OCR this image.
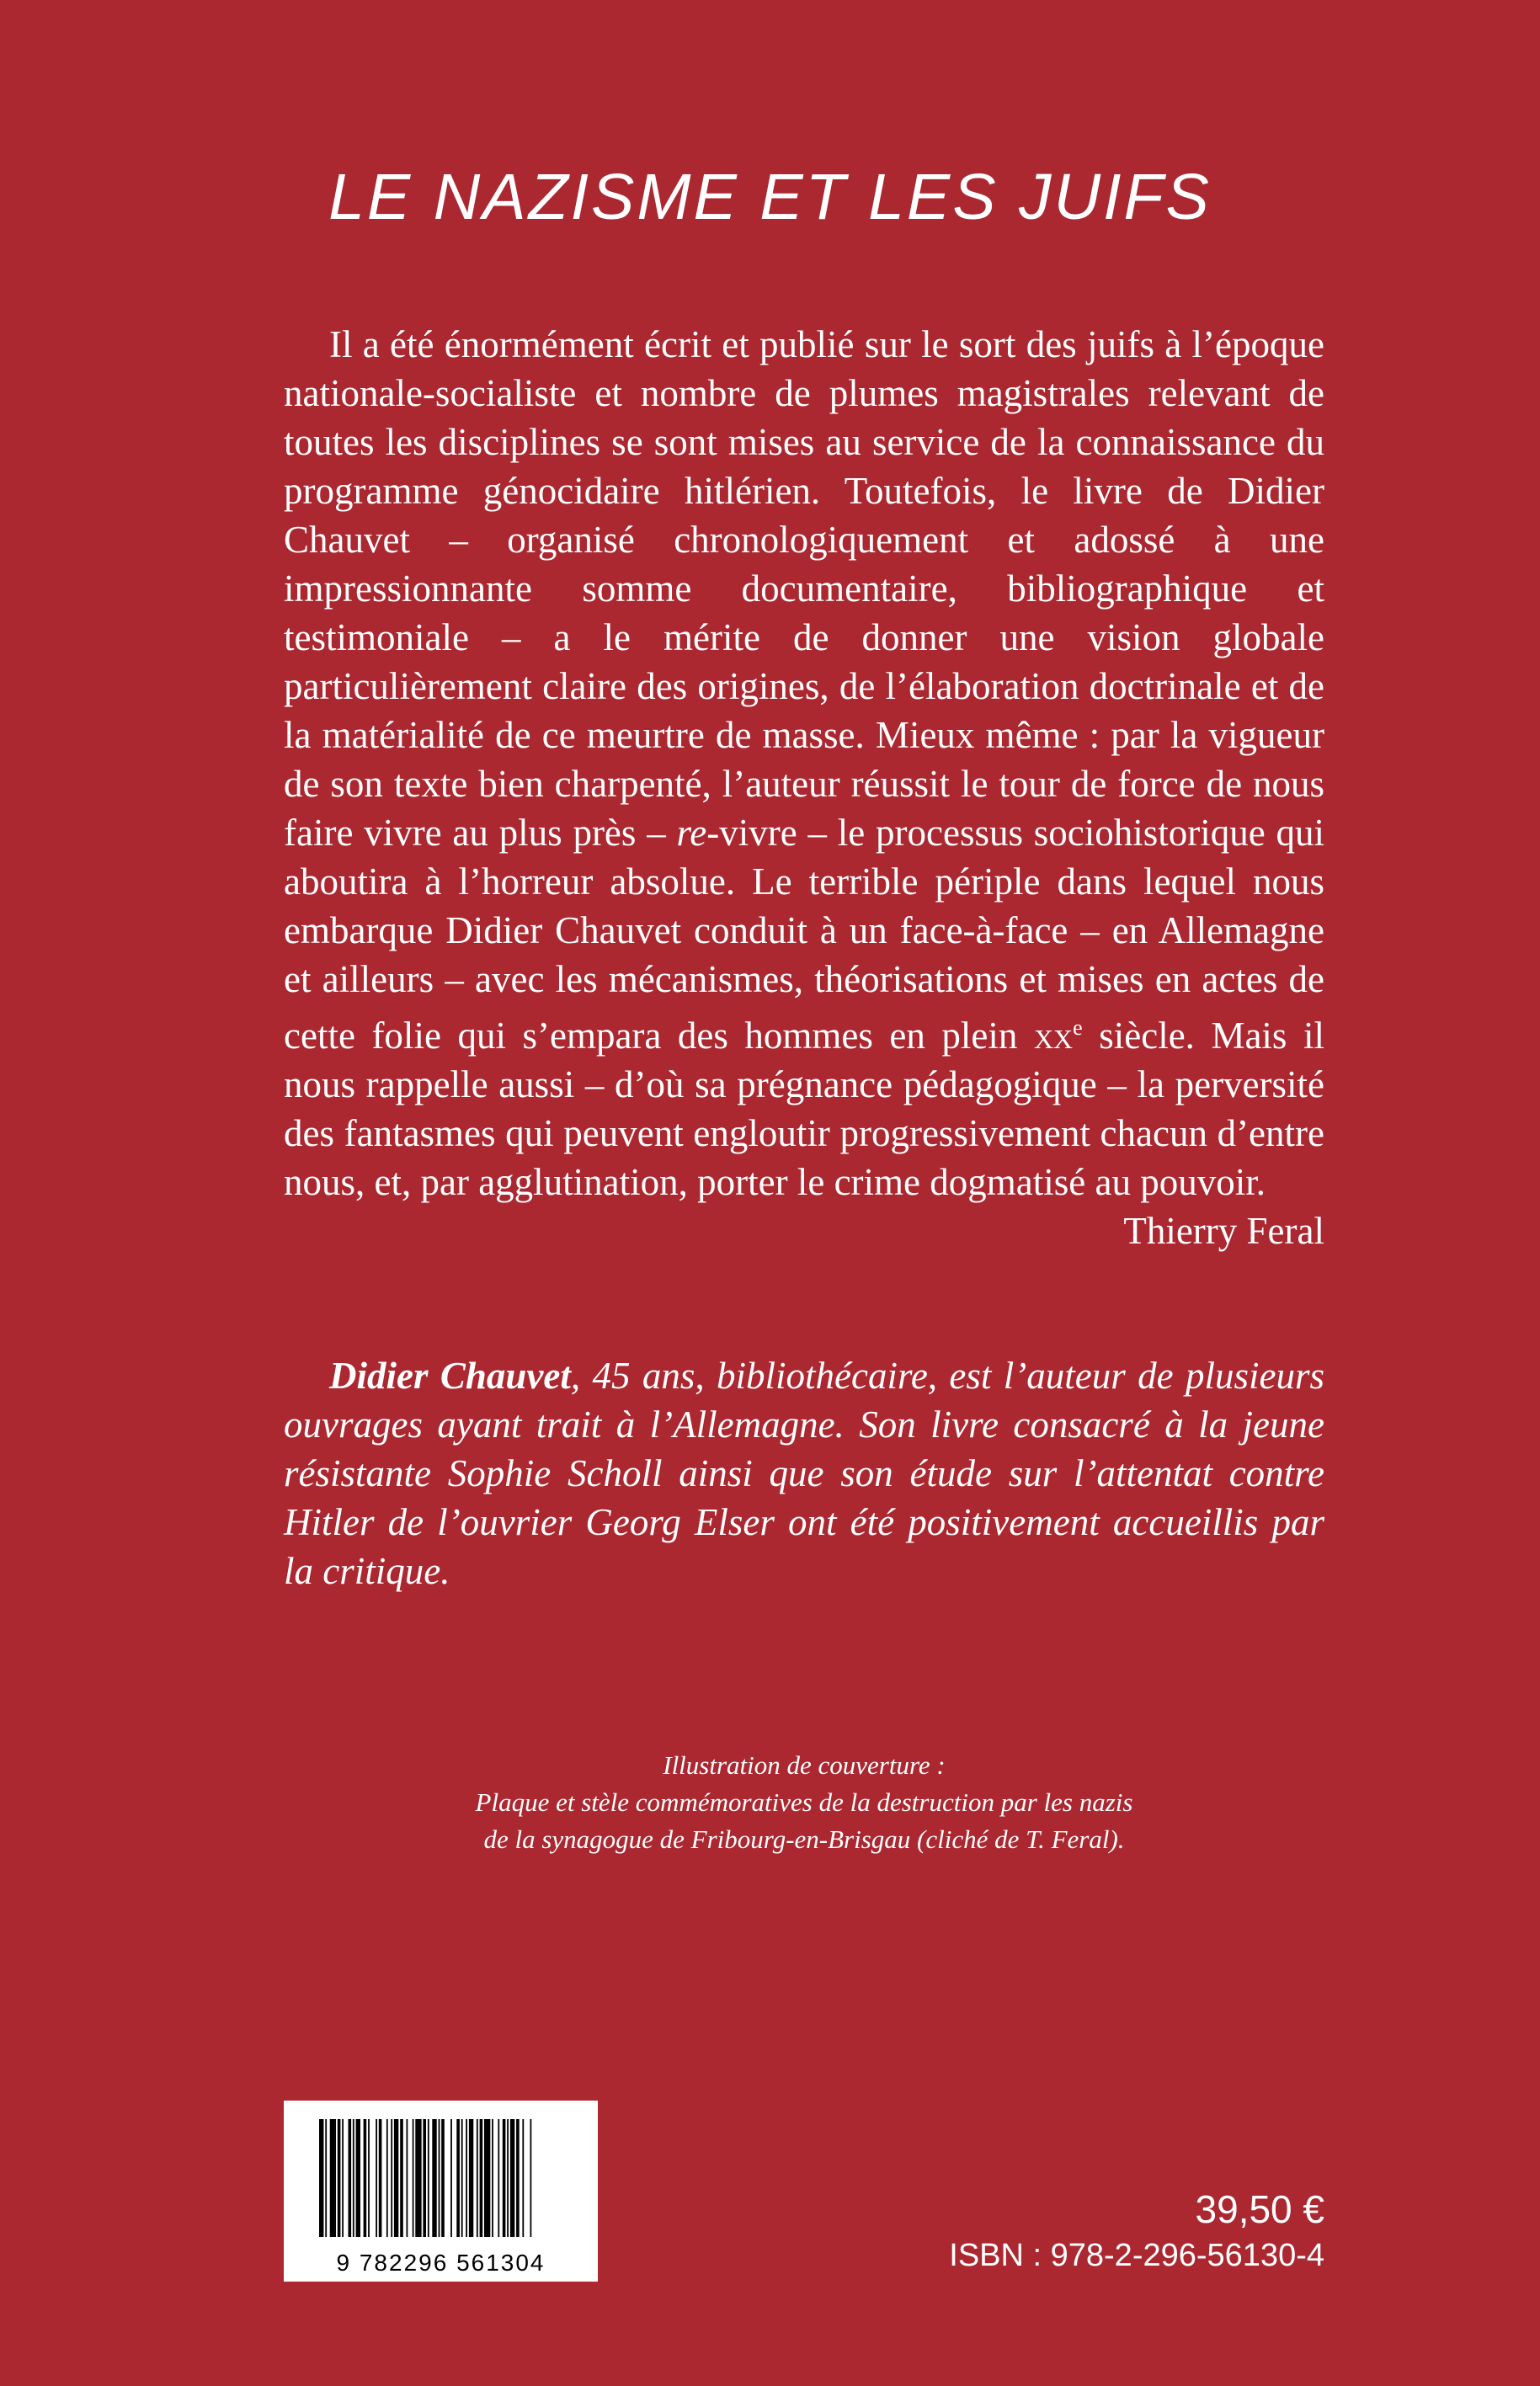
LE NAZISME ET LES JUIFS

Il a été énormément écrit et publié sur le sort des juifs à l’époque nationale-socialiste et nombre de plumes magistrales relevant de toutes les disciplines se sont mises au service de la connaissance du programme génocidaire hitlérien. Toutefois, le livre de Didier Chauvet – organisé chronologiquement et adossé à une impressionnante somme documentaire, bibliographique et testimoniale – a le mérite de donner une vision globale particulièrement claire des origines, de l’élaboration doctrinale et de la matérialité de ce meurtre de masse. Mieux même : par la vigueur de son texte bien charpenté, l’auteur réussit le tour de force de nous faire vivre au plus près – re-vivre – le processus sociohistorique qui aboutira à l’horreur absolue. Le terrible périple dans lequel nous embarque Didier Chauvet conduit à un face-à-face – en Allemagne et ailleurs – avec les mécanismes, théorisations et mises en actes de cette folie qui s’empara des hommes en plein $xx^e$ siècle. Mais il nous rappelle aussi – d’où sa prégnance pédagogique – la perversité des fantasmes qui peuvent engloutir progressivement chacun d’entre nous, et, par agglutination, porter le crime dogmatisé au pouvoir.

Thierry Feral

Didier Chauvet, 45 ans, bibliothécaire, est l’auteur de plusieurs ouvrages ayant trait à l’Allemagne. Son livre consacré à la jeune résistante Sophie Scholl ainsi que son étude sur l’attentat contre Hitler de l’ouvrier Georg Elser ont été positivement accueillis par la critique.

Illustration de couverture :
Plaque et stèle commémoratives de la destruction par les nazis
de la synagogue de Fribourg-en-Brisgau (cliché de T. Feral).
9 782296 561304
39,50 €
ISBN : 978-2-296-56130-4
